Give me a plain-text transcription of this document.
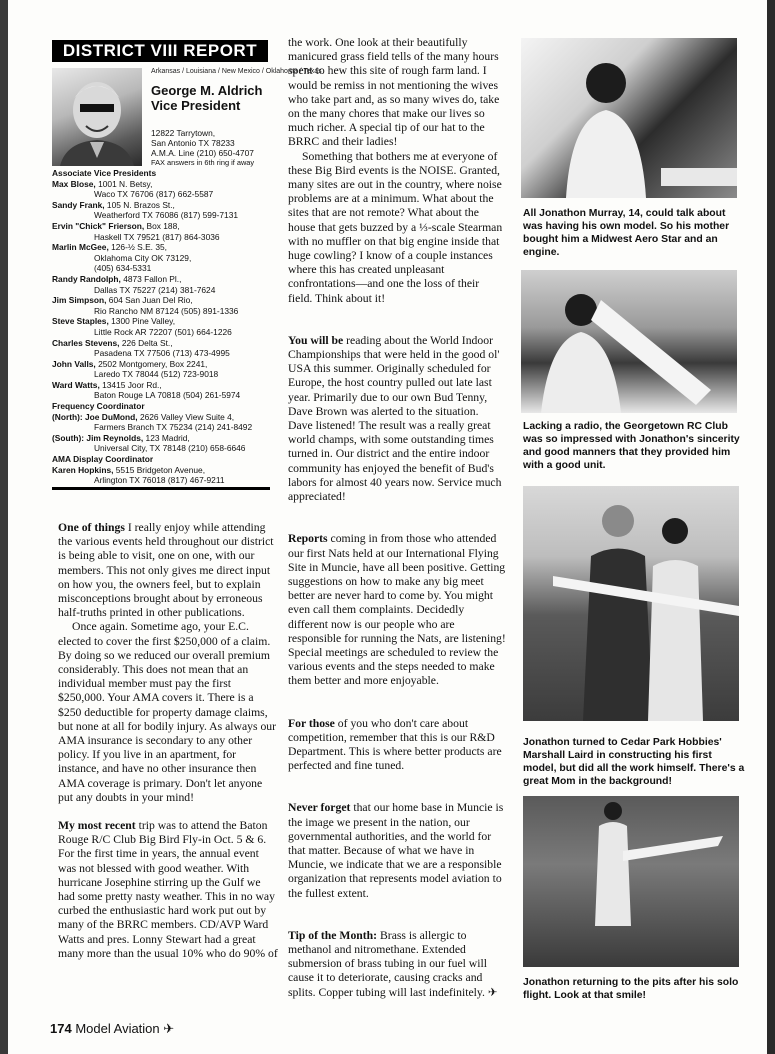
DISTRICT VIII REPORT
Arkansas / Louisiana / New Mexico / Oklahoma / Texas
George M. Aldrich
Vice President
12822 Tarrytown,
San Antonio TX 78233
A.M.A. Line (210) 650-4707
FAX answers in 6th ring if away
Associate Vice Presidents
Max Blose, 1001 N. Betsy,
Waco TX 76706 (817) 662-5587
Sandy Frank, 105 N. Brazos St.,
Weatherford TX 76086 (817) 599-7131
Ervin "Chick" Frierson, Box 188,
Haskell TX 79521 (817) 864-3036
Marlin McGee, 126-½ S.E. 35,
Oklahoma City OK 73129,
(405) 634-5331
Randy Randolph, 4873 Fallon Pl.,
Dallas TX 75227 (214) 381-7624
Jim Simpson, 604 San Juan Del Rio,
Rio Rancho NM 87124 (505) 891-1336
Steve Staples, 1300 Pine Valley,
Little Rock AR 72207 (501) 664-1226
Charles Stevens, 226 Delta St.,
Pasadena TX 77506 (713) 473-4995
John Valls, 2502 Montgomery, Box 2241,
Laredo TX 78044 (512) 723-9018
Ward Watts, 13415 Joor Rd.,
Baton Rouge LA 70818 (504) 261-5974
Frequency Coordinator
(North): Joe DuMond, 2626 Valley View Suite 4,
Farmers Branch TX 75234 (214) 241-8492
(South): Jim Reynolds, 123 Madrid,
Universal City, TX 78148 (210) 658-6646
AMA Display Coordinator
Karen Hopkins, 5515 Bridgeton Avenue,
Arlington TX 76018 (817) 467-9211

One of things I really enjoy while attending the various events held throughout our district is being able to visit, one on one, with our members. This not only gives me direct input on how you, the owners feel, but to explain misconceptions brought about by erroneous half-truths printed in other publications.

Once again. Sometime ago, your E.C. elected to cover the first $250,000 of a claim. By doing so we reduced our overall premium considerably. This does not mean that an individual member must pay the first $250,000. Your AMA covers it. There is a $250 deductible for property damage claims, but none at all for bodily injury. As always our AMA insurance is secondary to any other policy. If you live in an apartment, for instance, and have no other insurance then AMA coverage is primary. Don't let anyone put any doubts in your mind!

My most recent trip was to attend the Baton Rouge R/C Club Big Bird Fly-in Oct. 5 & 6. For the first time in years, the annual event was not blessed with good weather. With hurricane Josephine stirring up the Gulf we had some pretty nasty weather. This in no way curbed the enthusiastic hard work put out by many of the BRRC members. CD/AVP Ward Watts and pres. Lonny Stewart had a great many more than the usual 10% who do 90% of

the work. One look at their beautifully manicured grass field tells of the many hours spent to hew this site of rough farm land. I would be remiss in not mentioning the wives who take part and, as so many wives do, take on the many chores that make our lives so much richer. A special tip of our hat to the BRRC and their ladies!

Something that bothers me at everyone of these Big Bird events is the NOISE. Granted, many sites are out in the country, where noise problems are at a minimum. What about the sites that are not remote? What about the house that gets buzzed by a ⅓-scale Stearman with no muffler on that big engine inside that huge cowling? I know of a couple instances where this has created unpleasant confrontations—and one the loss of their field. Think about it!

You will be reading about the World Indoor Championships that were held in the good ol' USA this summer. Originally scheduled for Europe, the host country pulled out late last year. Primarily due to our own Bud Tenny, Dave Brown was alerted to the situation. Dave listened! The result was a really great world champs, with some outstanding times turned in. Our district and the entire indoor community has enjoyed the benefit of Bud's labors for almost 40 years now. Service much appreciated!

Reports coming in from those who attended our first Nats held at our International Flying Site in Muncie, have all been positive. Getting suggestions on how to make any big meet better are never hard to come by. You might even call them complaints. Decidedly different now is our people who are responsible for running the Nats, are listening! Special meetings are scheduled to review the various events and the steps needed to make them better and more enjoyable.

For those of you who don't care about competition, remember that this is our R&D Department. This is where better products are perfected and fine tuned.

Never forget that our home base in Muncie is the image we present in the nation, our governmental authorities, and the world for that matter. Because of what we have in Muncie, we indicate that we are a responsible organization that represents model aviation to the fullest extent.

Tip of the Month: Brass is allergic to methanol and nitromethane. Extended submersion of brass tubing in our fuel will cause it to deteriorate, causing cracks and splits. Copper tubing will last indefinitely. ✈

All Jonathon Murray, 14, could talk about was having his own model. So his mother bought him a Midwest Aero Star and an engine.
Lacking a radio, the Georgetown RC Club was so impressed with Jonathon's sincerity and good manners that they provided him with a good unit.
Jonathon turned to Cedar Park Hobbies' Marshall Laird in constructing his first model, but did all the work himself. There's a great Mom in the background!
Jonathon returning to the pits after his solo flight. Look at that smile!
174 Model Aviation ✈
